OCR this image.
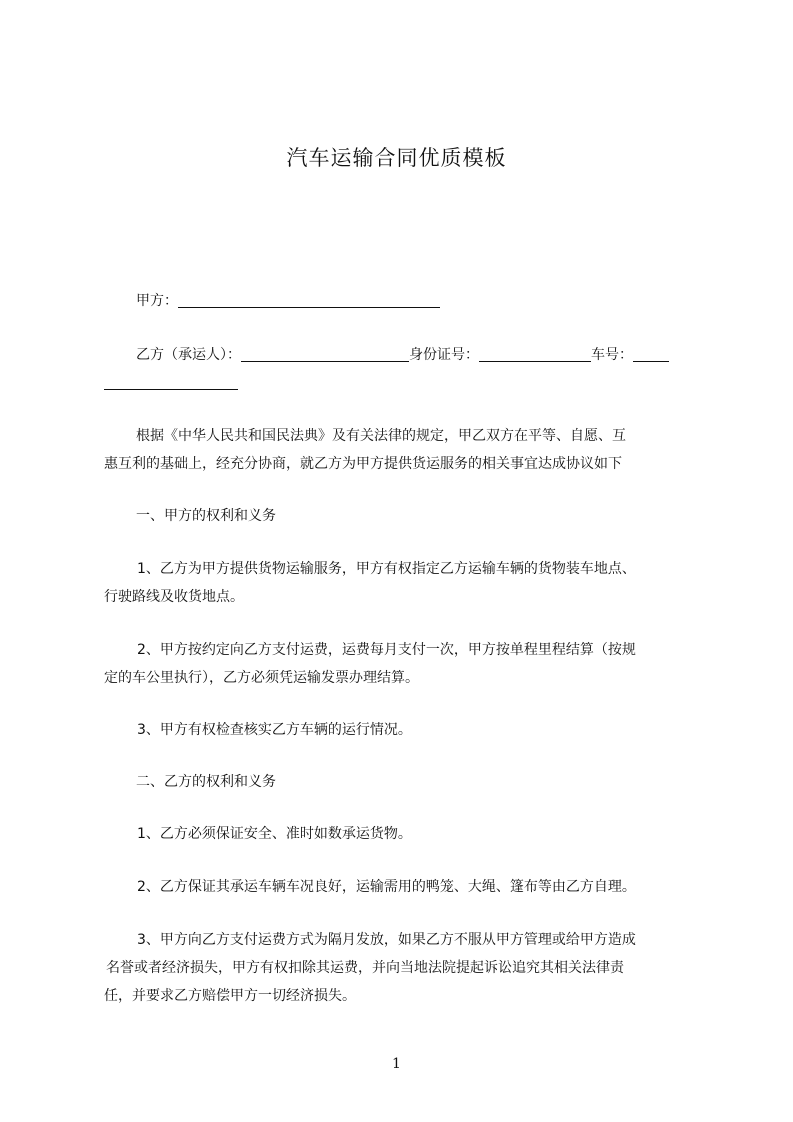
汽车运输合同优质模板
甲方：
乙方（承运人）：	身份证号：	车号：
根据《中华人民共和国民法典》及有关法律的规定，甲乙双方在平等、自愿、互
惠互利的基础上，经充分协商，就乙方为甲方提供货运服务的相关事宜达成协议如下
一、甲方的权利和义务
1、乙方为甲方提供货物运输服务，甲方有权指定乙方运输车辆的货物装车地点、
行驶路线及收货地点。
2、甲方按约定向乙方支付运费，运费每月支付一次，甲方按单程里程结算（按规
定的车公里执行），乙方必须凭运输发票办理结算。
3、甲方有权检查核实乙方车辆的运行情况。
二、乙方的权利和义务
1、乙方必须保证安全、准时如数承运货物。
2、乙方保证其承运车辆车况良好，运输需用的鸭笼、大绳、篷布等由乙方自理。
3、甲方向乙方支付运费方式为隔月发放，如果乙方不服从甲方管理或给甲方造成
名誉或者经济损失，甲方有权扣除其运费，并向当地法院提起诉讼追究其相关法律责
任，并要求乙方赔偿甲方一切经济损失。
1
